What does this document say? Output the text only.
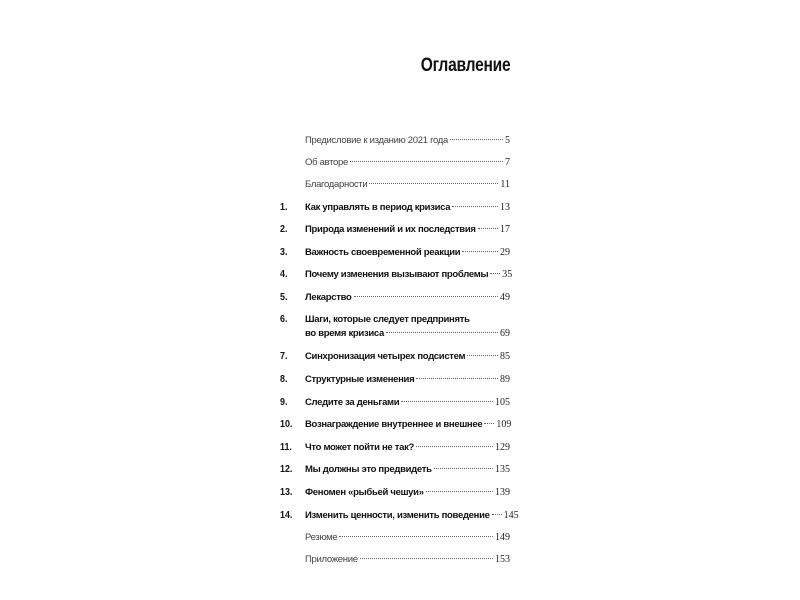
Оглавление
Предисловие к изданию 2021 года	5
Об авторе	7
Благодарности	11
1. Как управлять в период кризиса	13
2. Природа изменений и их последствия 17
3. Важность своевременной реакции	29
4. Почему изменения вызывают проблемы 35
5. Лекарство	49
6. Шаги, которые следует предпринять
во время кризиса	69
7. Синхронизация четырех подсистем	85
8. Структурные изменения	89
9. Следите за деньгами	105
10. Вознаграждение внутреннее и внешнее 109
11. Что может пойти не так?	129
12. Мы должны это предвидеть	135
13. Феномен «рыбьей чешуи»	139
14. Изменить ценности, изменить поведение 145
Резюме	149
Приложение	153
